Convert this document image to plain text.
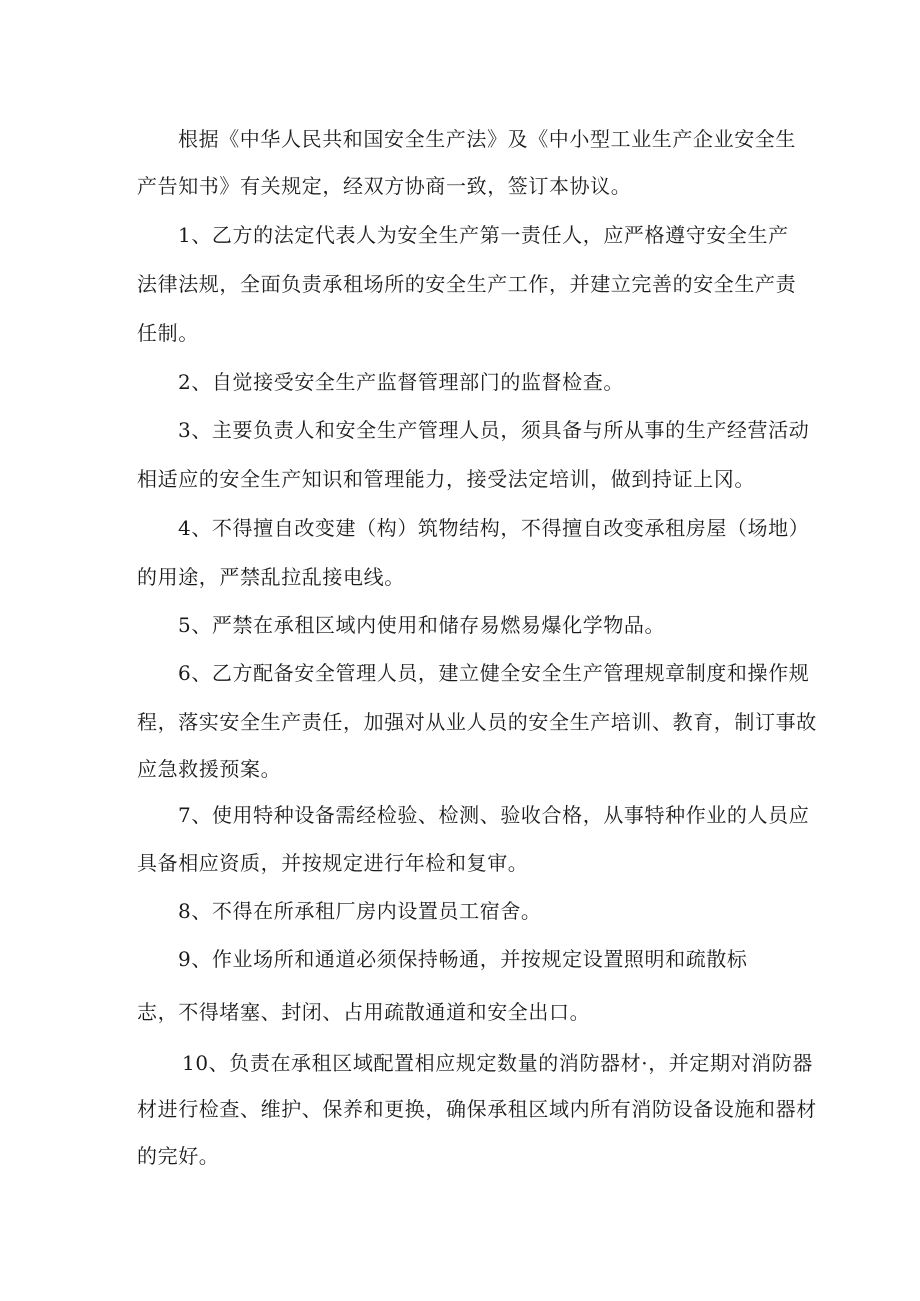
根据《中华人民共和国安全生产法》及《中小型工业生产企业安全生
产告知书》有关规定，经双方协商一致，签订本协议。
1、乙方的法定代表人为安全生产第一责任人，应严格遵守安全生产
法律法规，全面负责承租场所的安全生产工作，并建立完善的安全生产责
任制。
2、自觉接受安全生产监督管理部门的监督检查。
3、主要负责人和安全生产管理人员，须具备与所从事的生产经营活动
相适应的安全生产知识和管理能力，接受法定培训，做到持证上冈。
4、不得擅自改变建（构）筑物结构，不得擅自改变承租房屋（场地）
的用途，严禁乱拉乱接电线。
5、严禁在承租区域内使用和储存易燃易爆化学物品。
6、乙方配备安全管理人员，建立健全安全生产管理规章制度和操作规
程，落实安全生产责任，加强对从业人员的安全生产培训、教育，制订事故
应急救援预案。
7、使用特种设备需经检验、检测、验收合格，从事特种作业的人员应
具备相应资质，并按规定进行年检和复审。
8、不得在所承租厂房内设置员工宿舍。
9、作业场所和通道必须保持畅通，并按规定设置照明和疏散标
志，不得堵塞、封闭、占用疏散通道和安全出口。
10、负责在承租区域配置相应规定数量的消防器材·，并定期对消防器
材进行检查、维护、保养和更换，确保承租区域内所有消防设备设施和器材
的完好。
